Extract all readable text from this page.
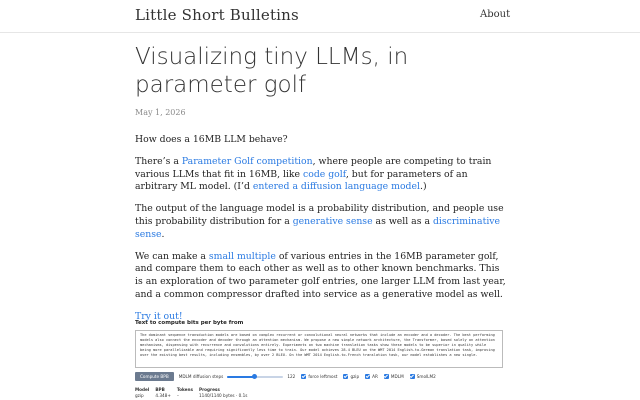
Little Short Bulletins	About
Visualizing tiny LLMs, in parameter golf
May 1, 2026

How does a 16MB LLM behave?

There’s a Parameter Golf competition, where people are competing to train various LLMs that fit in 16MB, like code golf, but for parameters of an arbitrary ML model. (I’d entered a diffusion language model.)

The output of the language model is a probability distribution, and people use this probability distribution for a generative sense as well as a discriminative sense.

We can make a small multiple of various entries in the 16MB parameter golf, and compare them to each other as well as to other known benchmarks. This is an exploration of two parameter golf entries, one larger LLM from last year, and a common compressor drafted into service as a generative model as well.

Try it out!

Text to compute bits per byte from
The dominant sequence transduction models are based on complex recurrent or convolutional neural networks that include an encoder and a decoder. The best performing models also connect the encoder and decoder through an attention mechanism. We propose a new simple network architecture, the Transformer, based solely on attention mechanisms, dispensing with recurrence and convolutions entirely. Experiments on two machine translation tasks show these models to be superior in quality while being more parallelizable and requiring significantly less time to train. Our model achieves 28.4 BLEU on the WMT 2014 English-to-German translation task, improving over the existing best results, including ensembles, by over 2 BLEU. On the WMT 2014 English-to-French translation task, our model establishes a new single-
Compute BPB	MDLM diffusion steps	122	force leftmost	gzip	AR	MDLM	SmolLM2
Model	BPB	Tokens	Progress
gzip	4.348+	–	1140/1140 bytes · 0.1s
